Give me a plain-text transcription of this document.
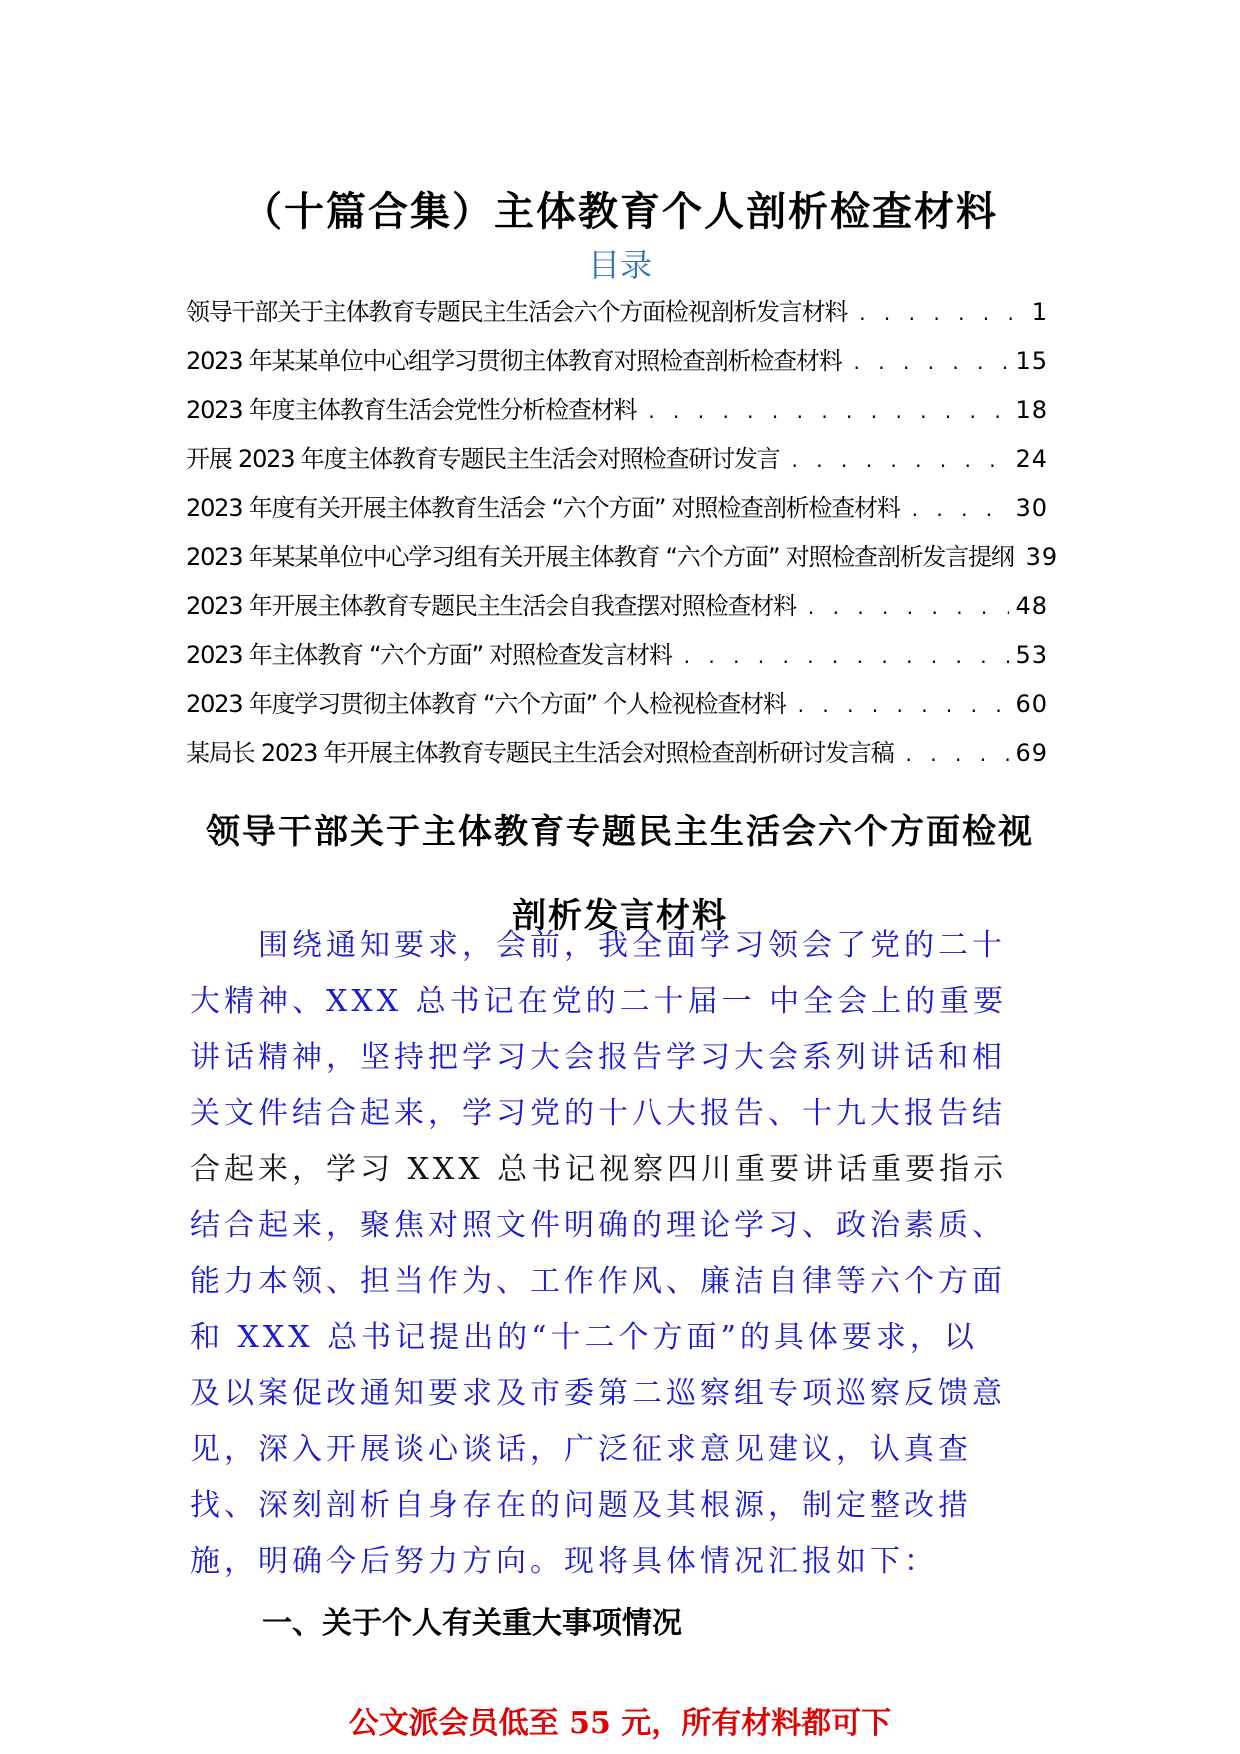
（十篇合集）主体教育个人剖析检查材料
目录
领导干部关于主体教育专题民主生活会六个方面检视剖析发言材料 . . .	1
2023 年某某单位中心组学习贯彻主体教育对照检查剖析检查材料 . . .	15
2023 年度主体教育生活会党性分析检查材料 . . .	18
开展 2023 年度主体教育专题民主生活会对照检查研讨发言 . . .	24
2023 年度有关开展主体教育生活会 “六个方面” 对照检查剖析检查材料 . . .	30
2023 年某某单位中心学习组有关开展主体教育 “六个方面” 对照检查剖析发言提纲 39
2023 年开展主体教育专题民主生活会自我查摆对照检查材料 . . .	48
2023 年主体教育 “六个方面” 对照检查发言材料 . . .	53
2023 年度学习贯彻主体教育 “六个方面” 个人检视检查材料 . . .	60
某局长 2023 年开展主体教育专题民主生活会对照检查剖析研讨发言稿 . . .	69
领导干部关于主体教育专题民主生活会六个方面检视
剖析发言材料
　　围绕通知要求，会前，我全面学习领会了党的二十
大精神、XXX 总书记在党的二十届一 中全会上的重要
讲话精神，坚持把学习大会报告学习大会系列讲话和相
关文件结合起来，学习党的十八大报告、十九大报告结
合起来，学习 XXX 总书记视察四川重要讲话重要指示
结合起来，聚焦对照文件明确的理论学习、政治素质、
能力本领、担当作为、工作作风、廉洁自律等六个方面
和 XXX 总书记提出的“十二个方面”的具体要求，以
及以案促改通知要求及市委第二巡察组专项巡察反馈意
见，深入开展谈心谈话，广泛征求意见建议，认真查
找、深刻剖析自身存在的问题及其根源，制定整改措
施，明确今后努力方向。现将具体情况汇报如下：
一、关于个人有关重大事项情况
公文派会员低至 55 元，所有材料都可下
